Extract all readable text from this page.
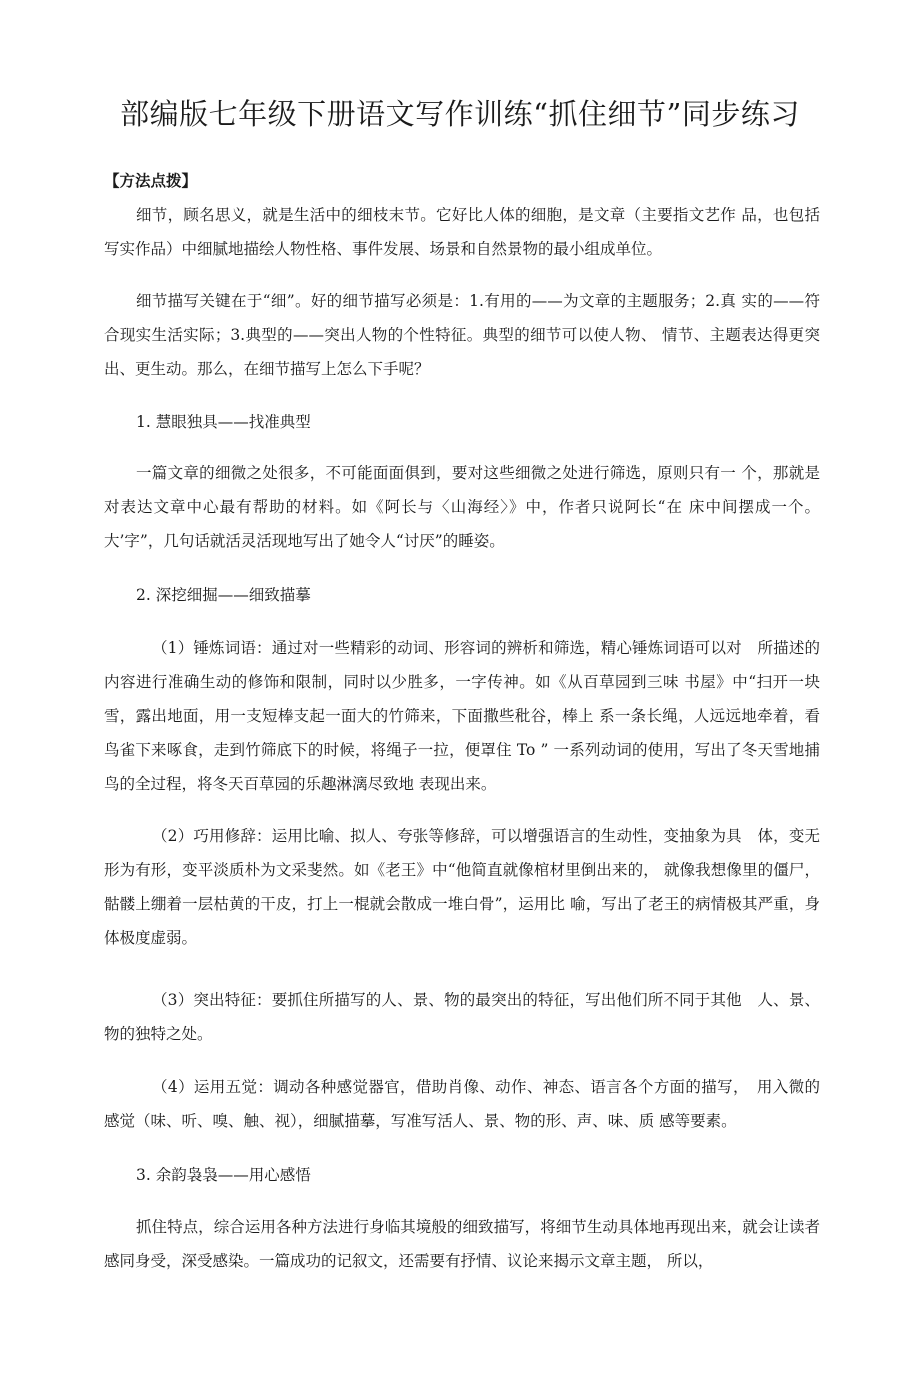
部编版七年级下册语文写作训练“抓住细节”同步练习

【方法点拨】

细节，顾名思义，就是生活中的细枝末节。它好比人体的细胞，是文章（主要指文艺作 品，也包括写实作品）中细腻地描绘人物性格、事件发展、场景和自然景物的最小组成单位。

细节描写关键在于“细”。好的细节描写必须是：1.有用的——为文章的主题服务；2.真 实的——符合现实生活实际；3.典型的——突出人物的个性特征。典型的细节可以使人物、 情节、主题表达得更突出、更生动。那么，在细节描写上怎么下手呢？

1. 慧眼独具——找准典型

一篇文章的细微之处很多，不可能面面俱到，要对这些细微之处进行筛选，原则只有一 个，那就是对表达文章中心最有帮助的材料。如《阿长与〈山海经〉》中，作者只说阿长“在 床中间摆成一个。大’字”，几句话就活灵活现地写出了她令人“讨厌”的睡姿。

2. 深挖细掘——细致描摹

（1）锤炼词语：通过对一些精彩的动词、形容词的辨析和筛选，精心锤炼词语可以对　所描述的内容进行准确生动的修饰和限制，同时以少胜多，一字传神。如《从百草园到三味 书屋》中“扫开一块雪，露出地面，用一支短棒支起一面大的竹筛来，下面撒些秕谷，棒上 系一条长绳，人远远地牵着，看鸟雀下来啄食，走到竹筛底下的时候，将绳子一拉，便罩住 To ” 一系列动词的使用，写出了冬天雪地捕鸟的全过程，将冬天百草园的乐趣淋漓尽致地 表现出来。

（2）巧用修辞：运用比喻、拟人、夸张等修辞，可以增强语言的生动性，变抽象为具　体，变无形为有形，变平淡质朴为文采斐然。如《老王》中“他简直就像棺材里倒出来的， 就像我想像里的僵尸，骷髅上绷着一层枯黄的干皮，打上一棍就会散成一堆白骨”，运用比 喻，写出了老王的病情极其严重，身体极度虚弱。

（3）突出特征：要抓住所描写的人、景、物的最突出的特征，写出他们所不同于其他　人、景、物的独特之处。

（4）运用五觉：调动各种感觉器官，借助肖像、动作、神态、语言各个方面的描写，　用入微的感觉（味、听、嗅、触、视），细腻描摹，写准写活人、景、物的形、声、味、质 感等要素。

3. 余韵袅袅——用心感悟

抓住特点，综合运用各种方法进行身临其境般的细致描写，将细节生动具体地再现出来，就会让读者感同身受，深受感染。一篇成功的记叙文，还需要有抒情、议论来揭示文章主题， 所以，
